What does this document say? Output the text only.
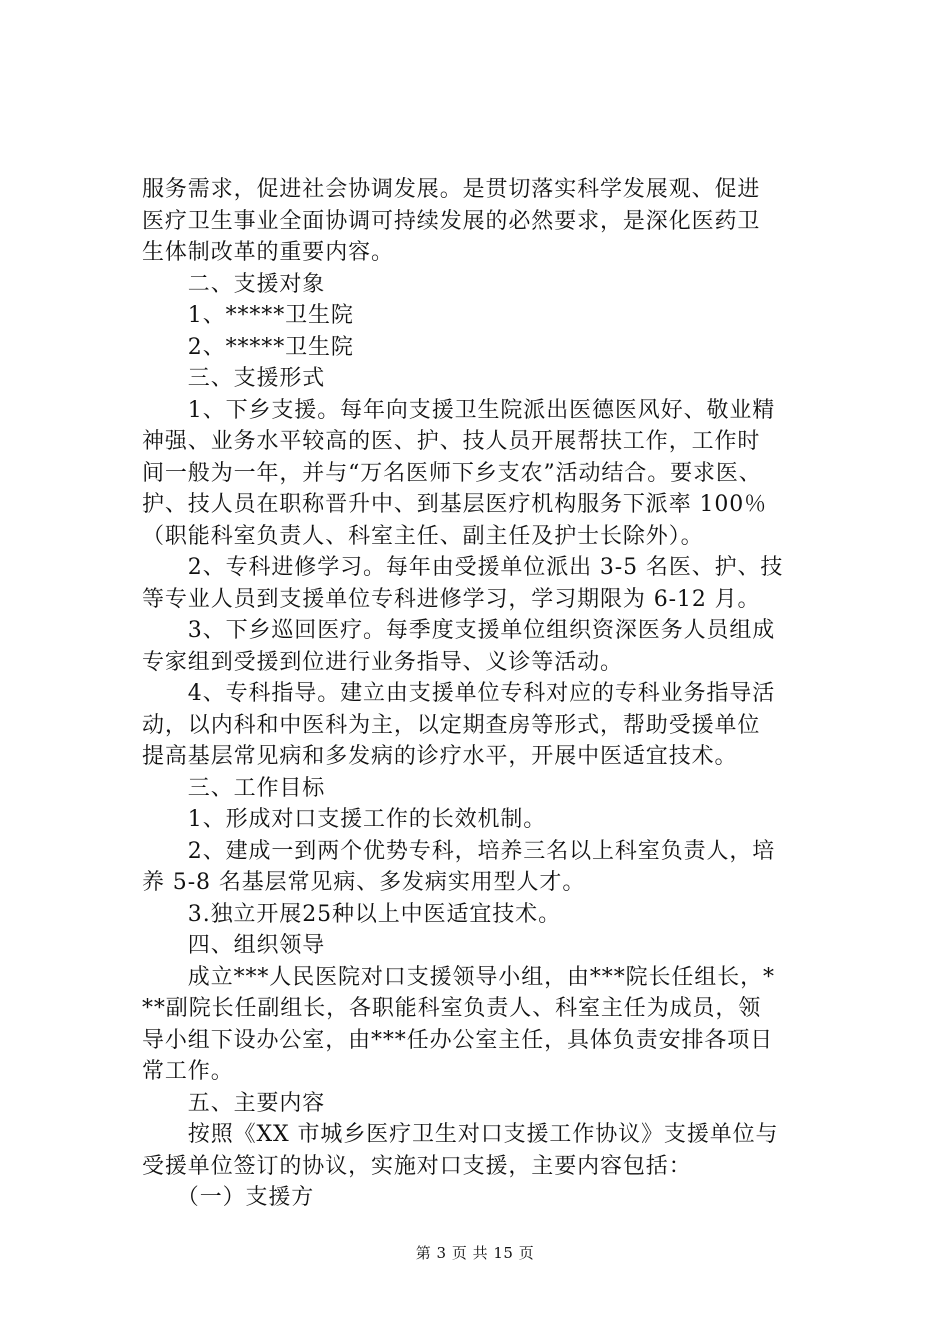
服务需求，促进社会协调发展。是贯切落实科学发展观、促进
医疗卫生事业全面协调可持续发展的必然要求，是深化医药卫
生体制改革的重要内容。
　　二、支援对象
　　1、*****卫生院
　　2、*****卫生院
　　三、支援形式
　　1、下乡支援。每年向支援卫生院派出医德医风好、敬业精
神强、业务水平较高的医、护、技人员开展帮扶工作，工作时
间一般为一年，并与“万名医师下乡支农”活动结合。要求医、
护、技人员在职称晋升中、到基层医疗机构服务下派率 100％
（职能科室负责人、科室主任、副主任及护士长除外）。
　　2、专科进修学习。每年由受援单位派出 3-5 名医、护、技
等专业人员到支援单位专科进修学习，学习期限为 6-12 月。
　　3、下乡巡回医疗。每季度支援单位组织资深医务人员组成
专家组到受援到位进行业务指导、义诊等活动。
　　4、专科指导。建立由支援单位专科对应的专科业务指导活
动，以内科和中医科为主，以定期查房等形式，帮助受援单位
提高基层常见病和多发病的诊疗水平，开展中医适宜技术。
　　三、工作目标
　　1、形成对口支援工作的长效机制。
　　2、建成一到两个优势专科，培养三名以上科室负责人，培
养 5-8 名基层常见病、多发病实用型人才。
　　3.独立开展25种以上中医适宜技术。
　　四、组织领导
　　成立***人民医院对口支援领导小组，由***院长任组长，*
**副院长任副组长，各职能科室负责人、科室主任为成员，领
导小组下设办公室，由***任办公室主任，具体负责安排各项日
常工作。
　　五、主要内容
　　按照《XX 市城乡医疗卫生对口支援工作协议》支援单位与
受援单位签订的协议，实施对口支援，主要内容包括：
　　（一）支援方
第 3 页 共 15 页
